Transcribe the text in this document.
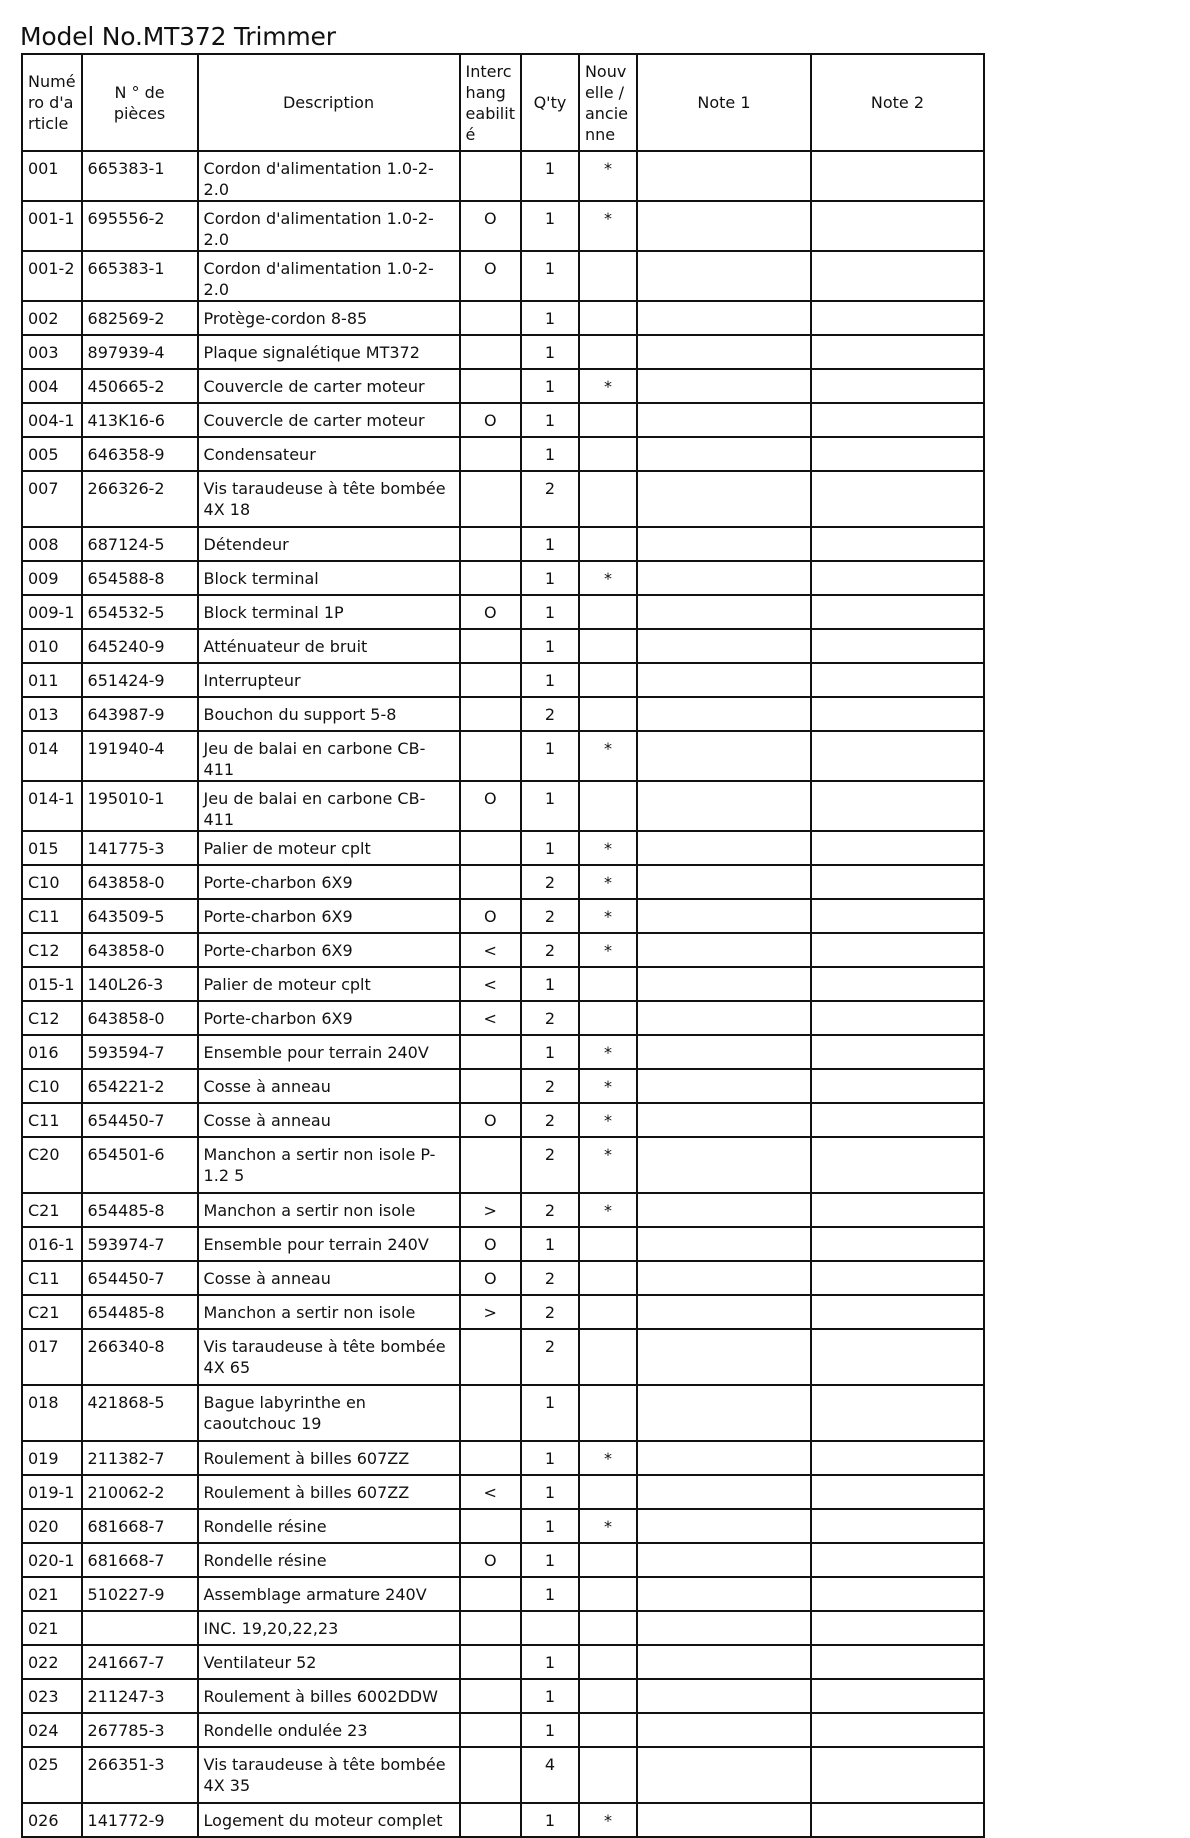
Model No.MT372 Trimmer
Numé ro d'a rticle	N ° de pièces	Description	Interc hang eabilit é	Q'ty	Nouv elle / ancie nne	Note 1	Note 2
001	665383-1	Cordon d'alimentation 1.0-2-2.0		1	*		
001-1	695556-2	Cordon d'alimentation 1.0-2-2.0	O	1	*		
001-2	665383-1	Cordon d'alimentation 1.0-2-2.0	O	1			
002	682569-2	Protège-cordon 8-85		1			
003	897939-4	Plaque signalétique MT372		1			
004	450665-2	Couvercle de carter moteur		1	*		
004-1	413K16-6	Couvercle de carter moteur	O	1			
005	646358-9	Condensateur		1			
007	266326-2	Vis taraudeuse à tête bombée 4X 18		2			
008	687124-5	Détendeur		1			
009	654588-8	Block terminal		1	*		
009-1	654532-5	Block terminal 1P	O	1			
010	645240-9	Atténuateur de bruit		1			
011	651424-9	Interrupteur		1			
013	643987-9	Bouchon du support 5-8		2			
014	191940-4	Jeu de balai en carbone CB-411		1	*		
014-1	195010-1	Jeu de balai en carbone CB-411	O	1			
015	141775-3	Palier de moteur cplt		1	*		
C10	643858-0	Porte-charbon 6X9		2	*		
C11	643509-5	Porte-charbon 6X9	O	2	*		
C12	643858-0	Porte-charbon 6X9	<	2	*		
015-1	140L26-3	Palier de moteur cplt	<	1			
C12	643858-0	Porte-charbon 6X9	<	2			
016	593594-7	Ensemble pour terrain 240V		1	*		
C10	654221-2	Cosse à anneau		2	*		
C11	654450-7	Cosse à anneau	O	2	*		
C20	654501-6	Manchon a sertir non isole P-1.2 5		2	*		
C21	654485-8	Manchon a sertir non isole	>	2	*		
016-1	593974-7	Ensemble pour terrain 240V	O	1			
C11	654450-7	Cosse à anneau	O	2			
C21	654485-8	Manchon a sertir non isole	>	2			
017	266340-8	Vis taraudeuse à tête bombée 4X 65		2			
018	421868-5	Bague labyrinthe en caoutchouc 19		1			
019	211382-7	Roulement à billes 607ZZ		1	*		
019-1	210062-2	Roulement à billes 607ZZ	<	1			
020	681668-7	Rondelle résine		1	*		
020-1	681668-7	Rondelle résine	O	1			
021	510227-9	Assemblage armature 240V		1			
021		INC. 19,20,22,23					
022	241667-7	Ventilateur 52		1			
023	211247-3	Roulement à billes 6002DDW		1			
024	267785-3	Rondelle ondulée 23		1			
025	266351-3	Vis taraudeuse à tête bombée 4X 35		4			
026	141772-9	Logement du moteur complet		1	*		
